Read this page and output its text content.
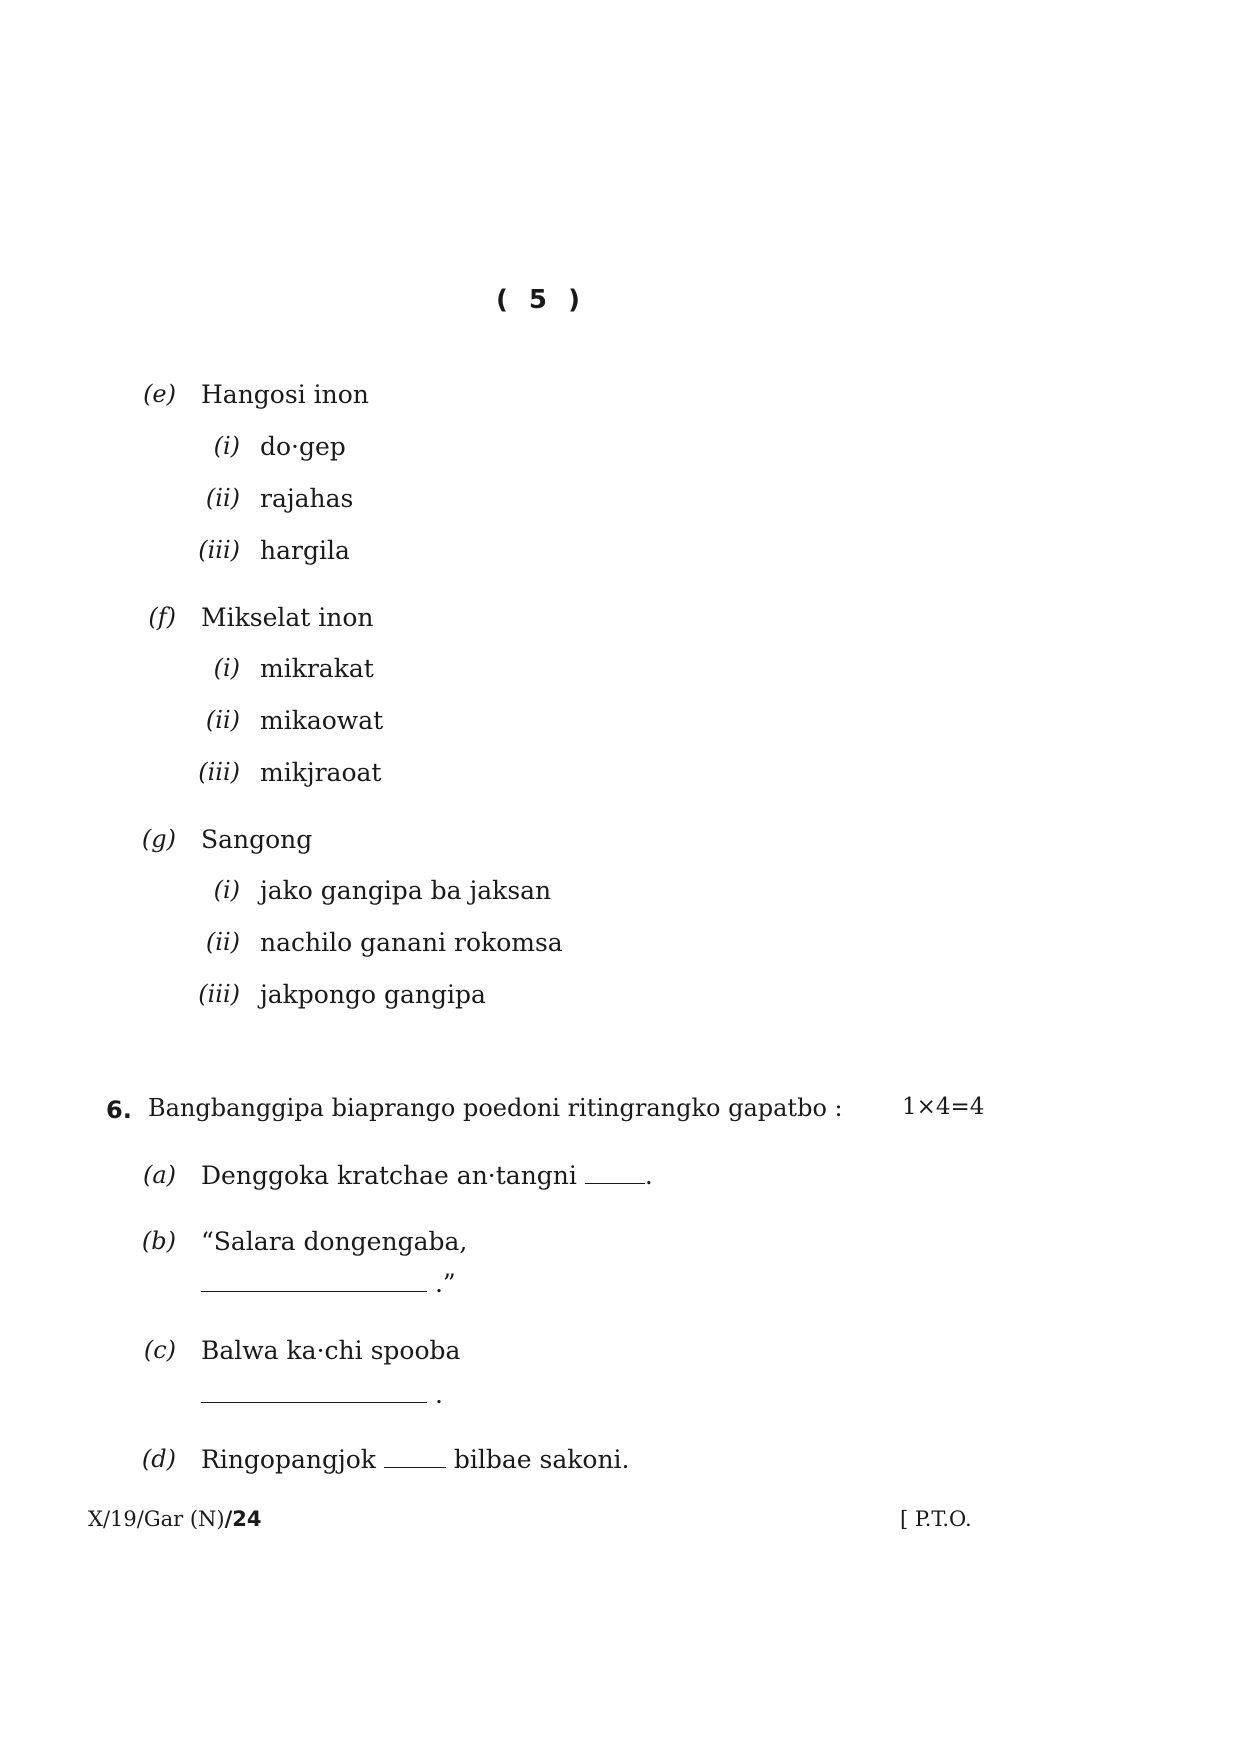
( 5 )
(e) Hangosi inon
(i) do·gep
(ii) rajahas
(iii) hargila
(f) Mikselat inon
(i) mikrakat
(ii) mikaowat
(iii) mikjraoat
(g) Sangong
(i) jako gangipa ba jaksan
(ii) nachilo ganani rokomsa
(iii) jakpongo gangipa
6. Bangbanggipa biaprango poedoni ritingrangko gapatbo :	1×4=4
(a) Denggoka kratchae an·tangni	.
(b) “Salara dongengaba,
.”
(c) Balwa ka·chi spooba
.
(d) Ringopangjok	bilbae sakoni.
X/19/Gar (N)/24	[ P.T.O.
